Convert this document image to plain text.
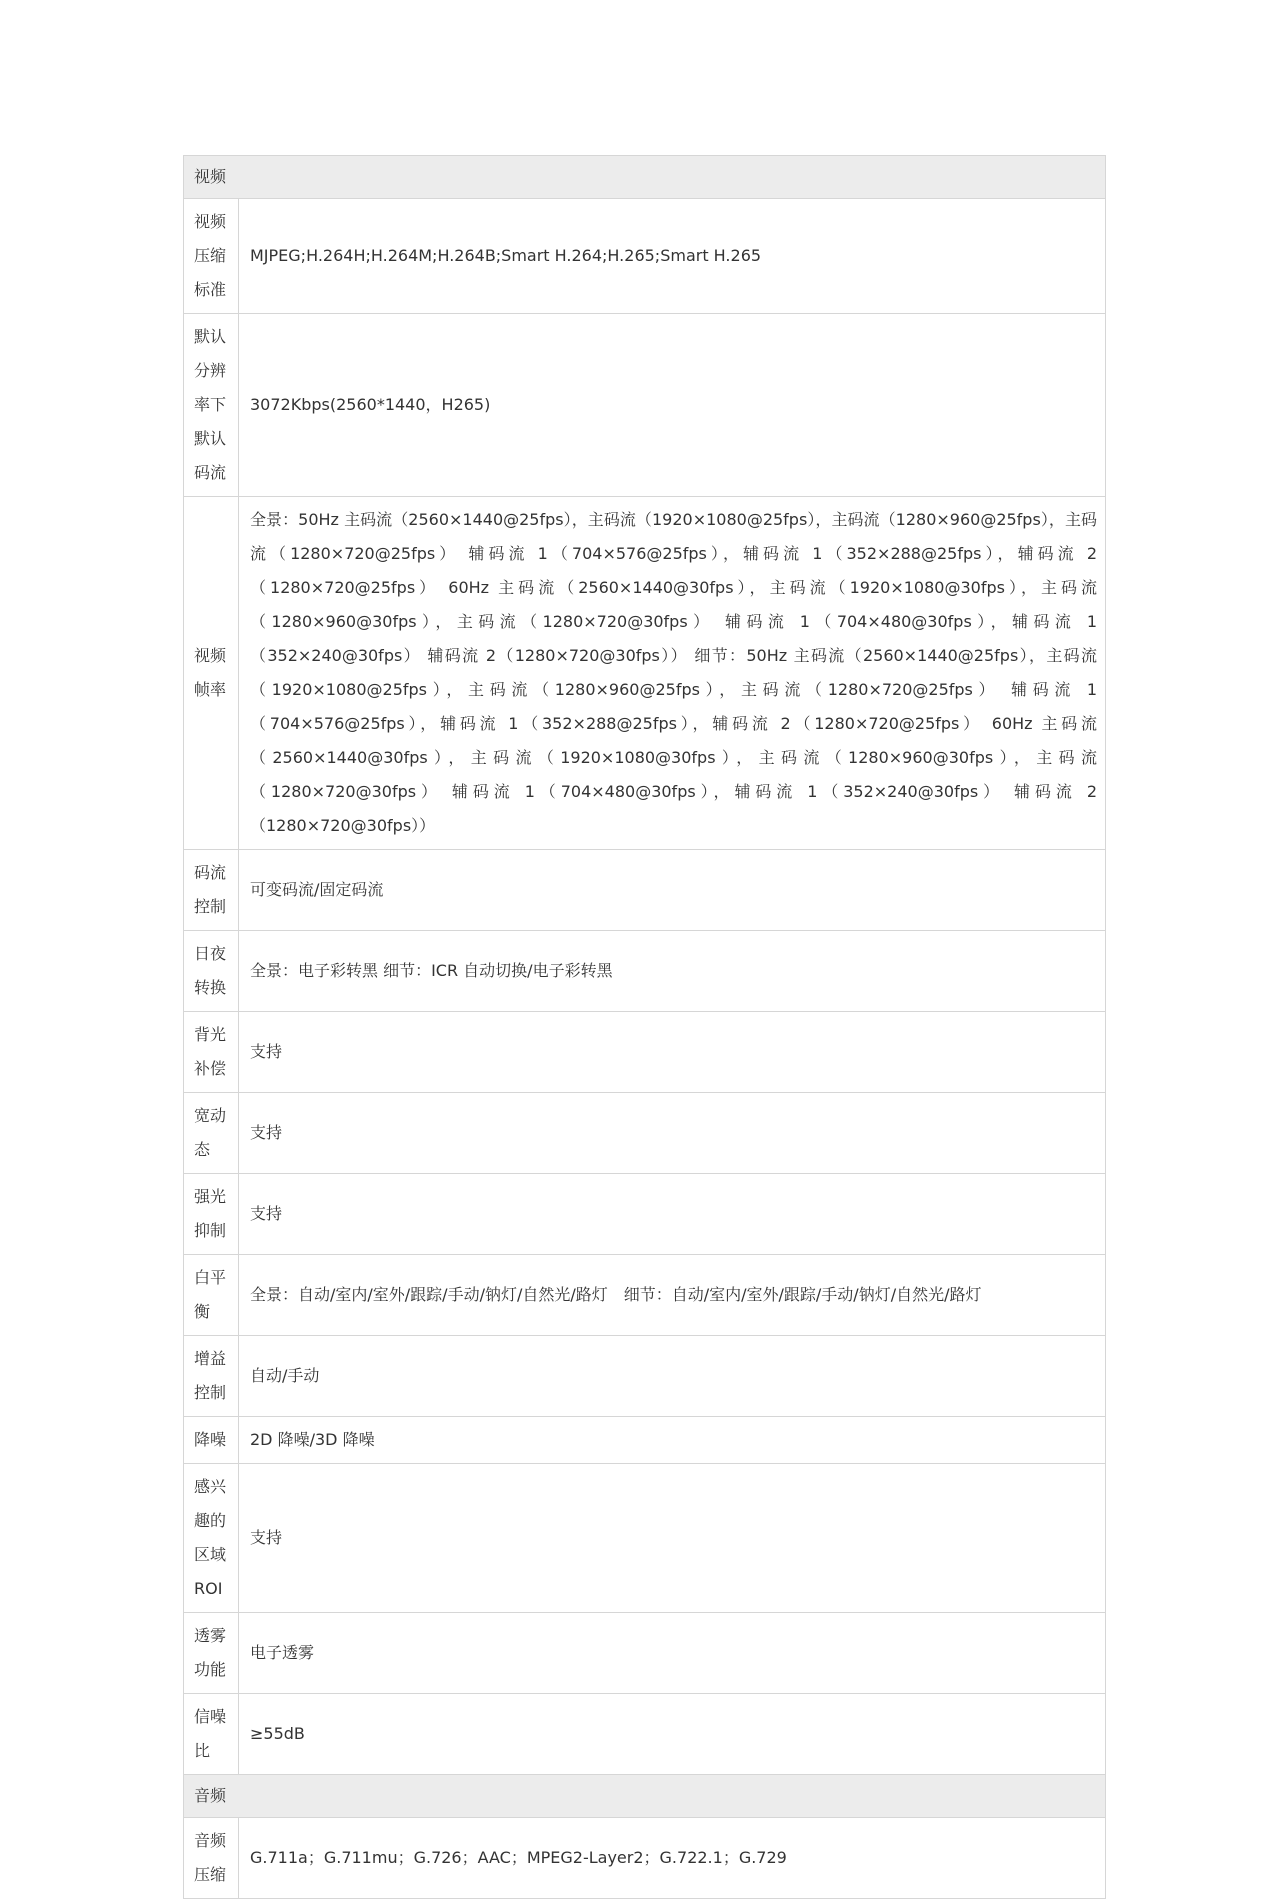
视频	

视频压缩标准	MJPEG;H.264H;H.264M;H.264B;Smart H.264;H.265;Smart H.265

默认分辨率下默认码流	3072Kbps(2560*1440，H265)

视频帧率	全景：50Hz 主码流（2560×1440@25fps），主码流（1920×1080@25fps），主码流（1280×960@25fps），主码流（1280×720@25fps） 辅码流 1（704×576@25fps），辅码流 1（352×288@25fps），辅码流 2（1280×720@25fps） 60Hz 主码流（2560×1440@30fps），主码流（1920×1080@30fps），主码流（1280×960@30fps），主码流（1280×720@30fps） 辅码流 1（704×480@30fps），辅码流 1（352×240@30fps） 辅码流 2（1280×720@30fps）） 细节：50Hz 主码流（2560×1440@25fps），主码流（1920×1080@25fps），主码流（1280×960@25fps），主码流（1280×720@25fps） 辅码流 1（704×576@25fps），辅码流 1（352×288@25fps），辅码流 2（1280×720@25fps） 60Hz 主码流（2560×1440@30fps），主码流（1920×1080@30fps），主码流（1280×960@30fps），主码流（1280×720@30fps） 辅码流 1（704×480@30fps），辅码流 1（352×240@30fps） 辅码流 2（1280×720@30fps））

码流控制	可变码流/固定码流

日夜转换	全景：电子彩转黑 细节：ICR 自动切换/电子彩转黑

背光补偿	支持

宽动态	支持

强光抑制	支持

白平衡	全景：自动/室内/室外/跟踪/手动/钠灯/自然光/路灯　细节：自动/室内/室外/跟踪/手动/钠灯/自然光/路灯

增益控制	自动/手动

降噪	2D 降噪/3D 降噪

感兴趣的区域ROI	支持

透雾功能	电子透雾

信噪比	≥55dB
音频	

音频压缩	G.711a；G.711mu；G.726；AAC；MPEG2-Layer2；G.722.1；G.729
